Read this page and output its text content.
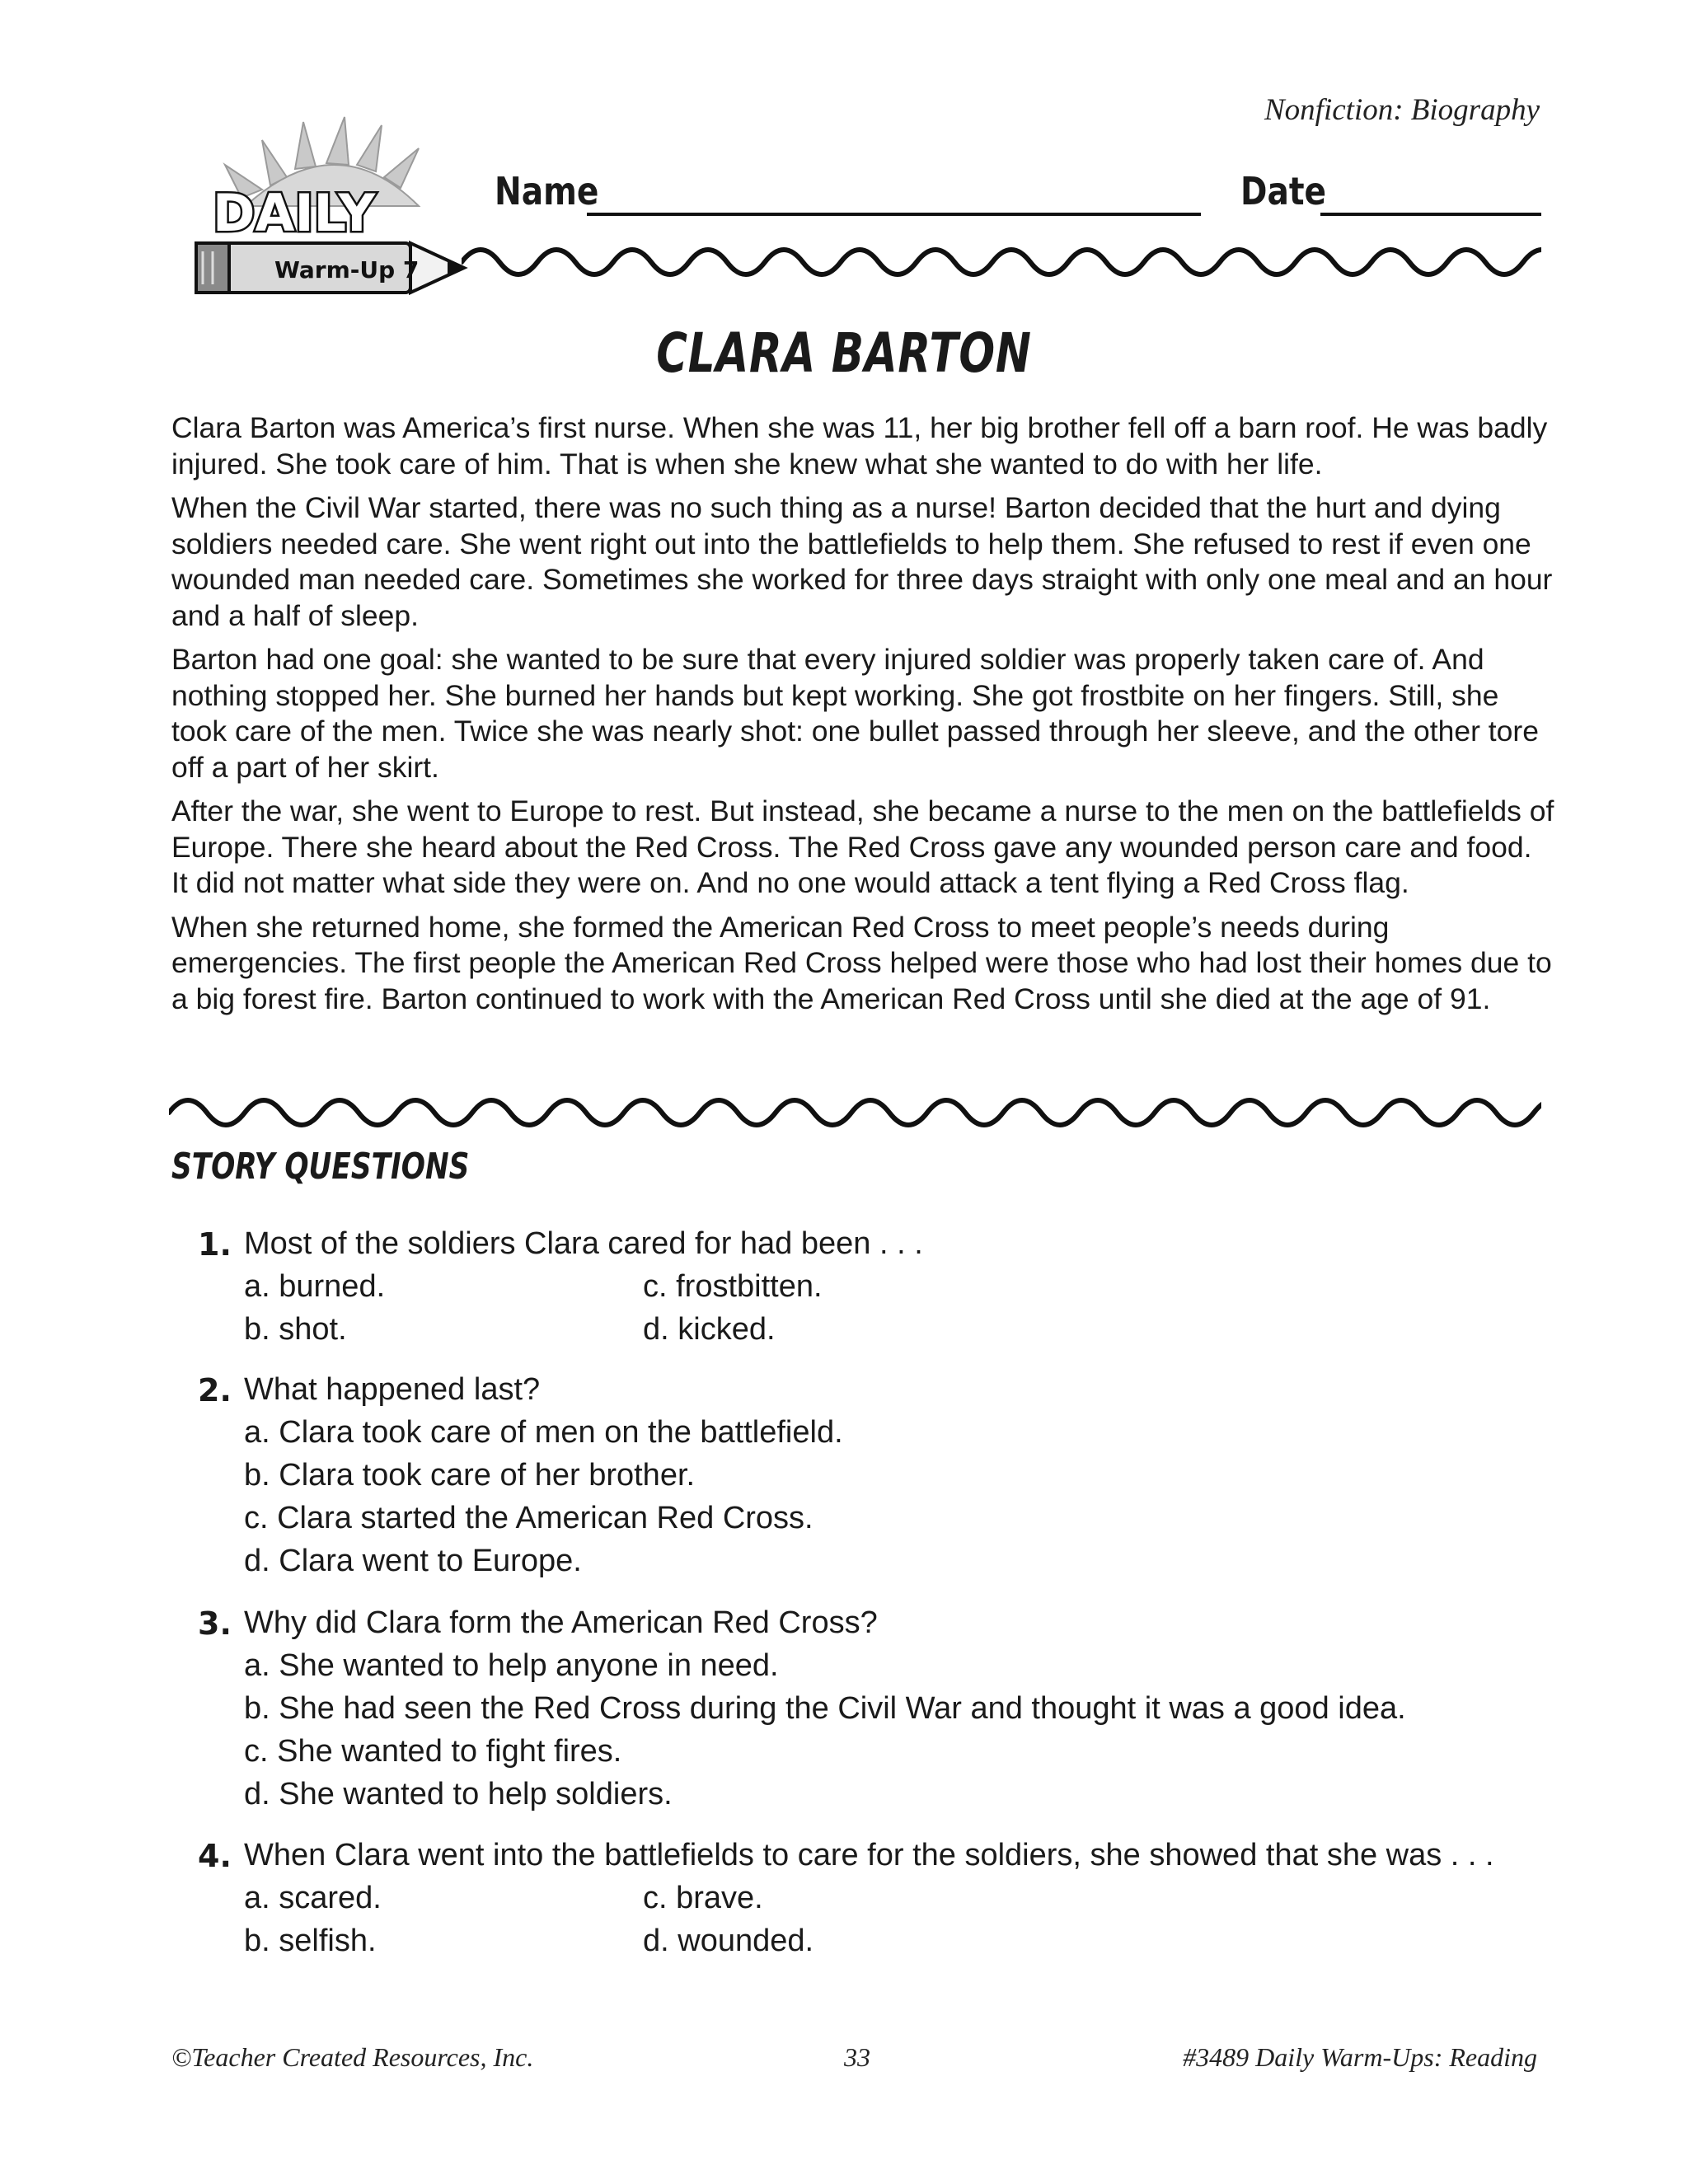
Nonfiction: Biography
DAILY
Warm-Up 7
Name	Date
CLARA BARTON

Clara Barton was America’s first nurse. When she was 11, her big brother fell off a barn roof. He was badly injured. She took care of him. That is when she knew what she wanted to do with her life.

When the Civil War started, there was no such thing as a nurse! Barton decided that the hurt and dying soldiers needed care. She went right out into the battlefields to help them. She refused to rest if even one wounded man needed care. Sometimes she worked for three days straight with only one meal and an hour and a half of sleep.

Barton had one goal: she wanted to be sure that every injured soldier was properly taken care of. And nothing stopped her. She burned her hands but kept working. She got frostbite on her fingers. Still, she took care of the men. Twice she was nearly shot: one bullet passed through her sleeve, and the other tore off a part of her skirt.

After the war, she went to Europe to rest. But instead, she became a nurse to the men on the battlefields of Europe. There she heard about the Red Cross. The Red Cross gave any wounded person care and food. It did not matter what side they were on. And no one would attack a tent flying a Red Cross flag.

When she returned home, she formed the American Red Cross to meet people’s needs during emergencies. The first people the American Red Cross helped were those who had lost their homes due to a big forest fire. Barton continued to work with the American Red Cross until she died at the age of 91.

STORY QUESTIONS
1. Most of the soldiers Clara cared for had been . . .
a. burned.
b. shot.
c. frostbitten.
d. kicked.
2. What happened last?
a. Clara took care of men on the battlefield.
b. Clara took care of her brother.
c. Clara started the American Red Cross.
d. Clara went to Europe.
3. Why did Clara form the American Red Cross?
a. She wanted to help anyone in need.
b. She had seen the Red Cross during the Civil War and thought it was a good idea.
c. She wanted to fight fires.
d. She wanted to help soldiers.
4. When Clara went into the battlefields to care for the soldiers, she showed that she was . . .
a. scared.
b. selfish.
c. brave.
d. wounded.
©Teacher Created Resources, Inc.	33	#3489 Daily Warm-Ups: Reading
